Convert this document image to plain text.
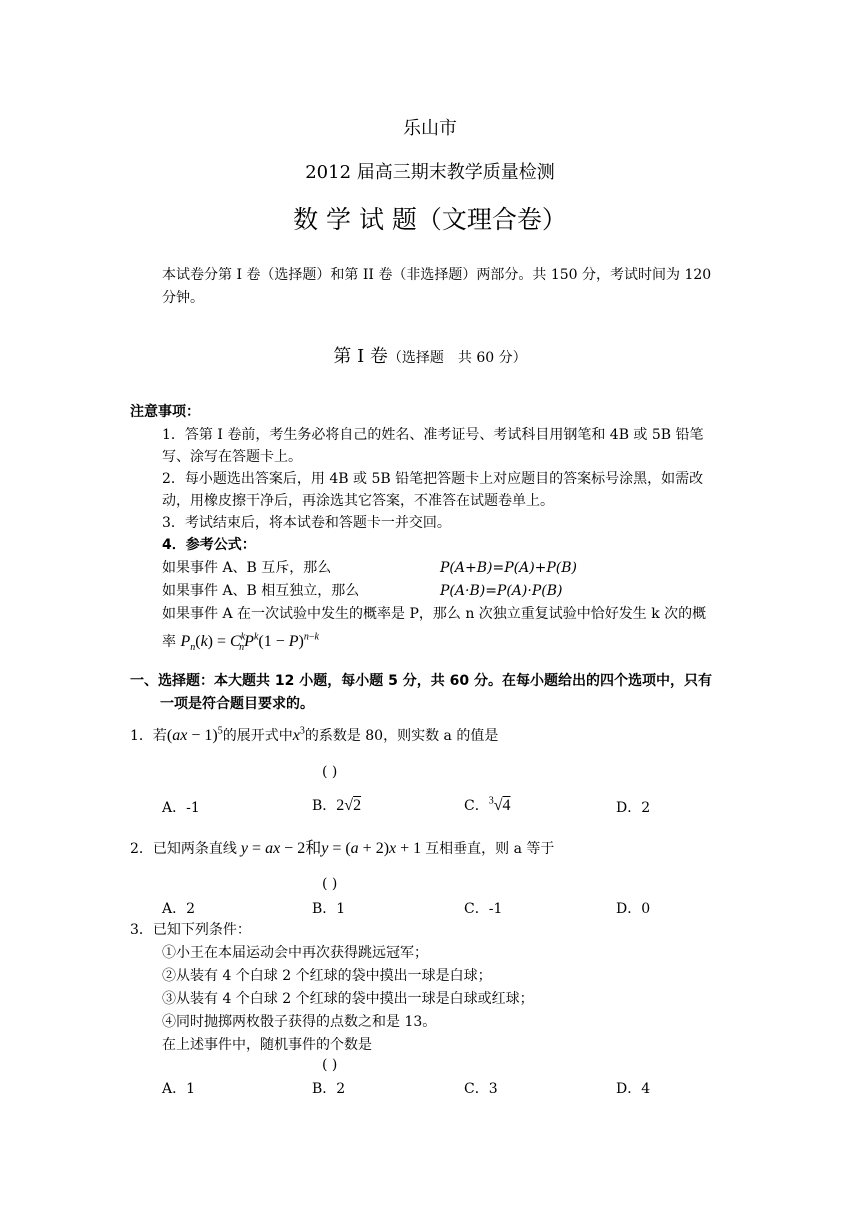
乐山市
2012 届高三期末教学质量检测
数 学 试 题（文理合卷）
本试卷分第 I 卷（选择题）和第 II 卷（非选择题）两部分。共 150 分，考试时间为 120
分钟。
第 Ⅰ 卷（选择题　共 60 分）
注意事项：
1．答第 I 卷前，考生务必将自己的姓名、准考证号、考试科目用钢笔和 4B 或 5B 铅笔
写、涂写在答题卡上。
2．每小题选出答案后，用 4B 或 5B 铅笔把答题卡上对应题目的答案标号涂黑，如需改
动，用橡皮擦干净后，再涂选其它答案，不准答在试题卷单上。
3．考试结束后，将本试卷和答题卡一并交回。
4．参考公式：
如果事件 A、B 互斥，那么	P(A+B)=P(A)+P(B)
如果事件 A、B 相互独立，那么	P(A·B)=P(A)·P(B)
如果事件 A 在一次试验中发生的概率是 P，那么 n 次独立重复试验中恰好发生 k 次的概
率 $P_n(k) = C^k_nP^k(1 - P)^{n-k}$
一、选择题：本大题共 12 小题，每小题 5 分，共 60 分。在每小题给出的四个选项中，只有
一项是符合题目要求的。
1．若(ax − 1)$^5$的展开式中$x^3$的系数是 80，则实数 a 的值是
( )
A．-1	B．2√2	C．$^3$√4	D．2
2．已知两条直线 y = ax − 2和y = (a + 2)x + 1 互相垂直，则 a 等于
( )
A．2	B．1	C．-1	D．0
3．已知下列条件：
①小王在本届运动会中再次获得跳远冠军；
②从装有 4 个白球 2 个红球的袋中摸出一球是白球；
③从装有 4 个白球 2 个红球的袋中摸出一球是白球或红球；
④同时抛掷两枚骰子获得的点数之和是 13。
在上述事件中，随机事件的个数是
( )
A．1	B．2	C．3	D．4
